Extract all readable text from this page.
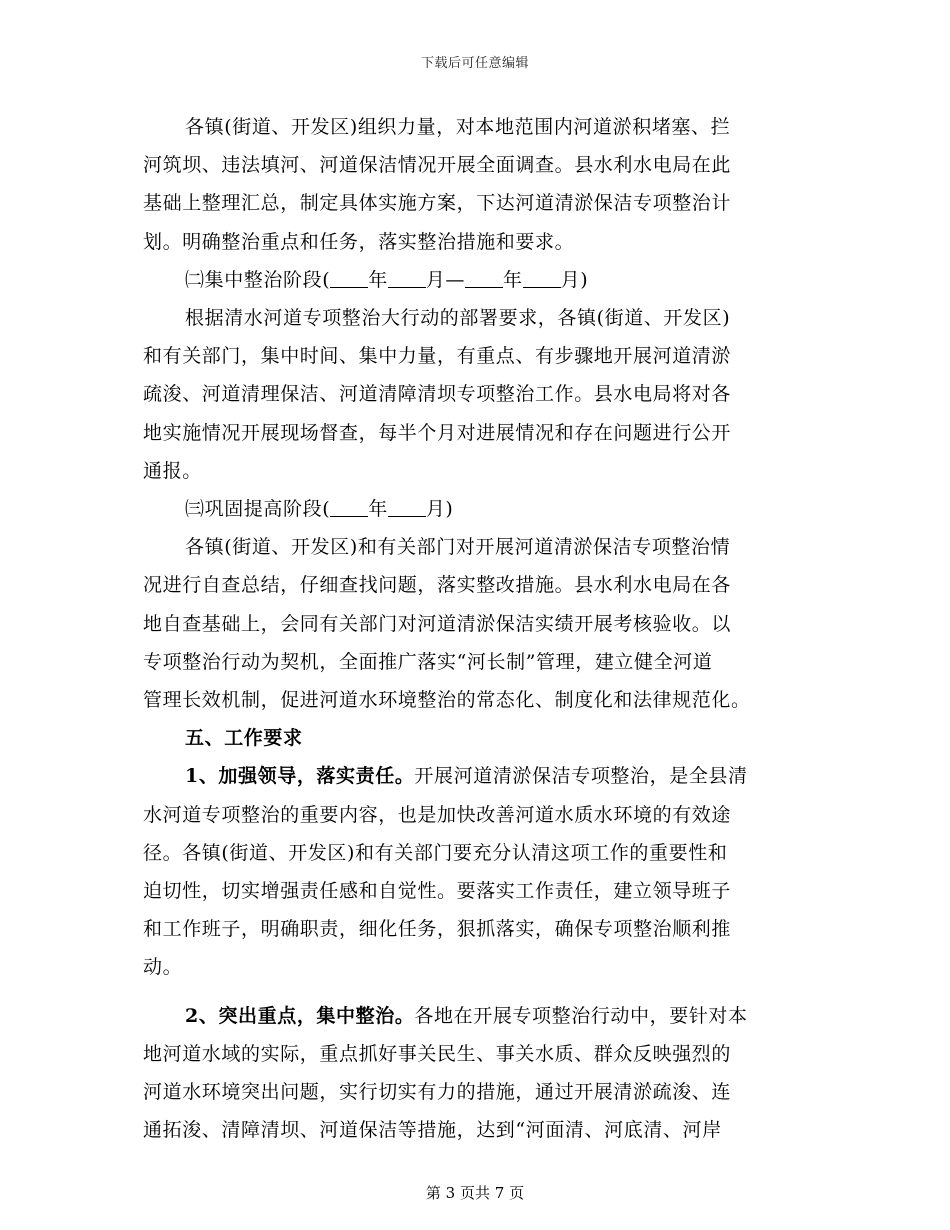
下载后可任意编辑
各镇(街道、开发区)组织力量，对本地范围内河道淤积堵塞、拦
河筑坝、违法填河、河道保洁情况开展全面调查。县水利水电局在此
基础上整理汇总，制定具体实施方案，下达河道清淤保洁专项整治计
划。明确整治重点和任务，落实整治措施和要求。
㈡集中整治阶段( 年 月— 年 月)
根据清水河道专项整治大行动的部署要求，各镇(街道、开发区)
和有关部门，集中时间、集中力量，有重点、有步骤地开展河道清淤
疏浚、河道清理保洁、河道清障清坝专项整治工作。县水电局将对各
地实施情况开展现场督查，每半个月对进展情况和存在问题进行公开
通报。
㈢巩固提高阶段( 年 月)
各镇(街道、开发区)和有关部门对开展河道清淤保洁专项整治情
况进行自查总结，仔细查找问题，落实整改措施。县水利水电局在各
地自查基础上，会同有关部门对河道清淤保洁实绩开展考核验收。以
专项整治行动为契机，全面推广落实“河长制”管理，建立健全河道
管理长效机制，促进河道水环境整治的常态化、制度化和法律规范化。
五、工作要求
1、加强领导，落实责任。开展河道清淤保洁专项整治，是全县清
水河道专项整治的重要内容，也是加快改善河道水质水环境的有效途
径。各镇(街道、开发区)和有关部门要充分认清这项工作的重要性和
迫切性，切实增强责任感和自觉性。要落实工作责任，建立领导班子
和工作班子，明确职责，细化任务，狠抓落实，确保专项整治顺利推
动。
2、突出重点，集中整治。各地在开展专项整治行动中，要针对本
地河道水域的实际，重点抓好事关民生、事关水质、群众反映强烈的
河道水环境突出问题，实行切实有力的措施，通过开展清淤疏浚、连
通拓浚、清障清坝、河道保洁等措施，达到“河面清、河底清、河岸
第 3 页共 7 页
